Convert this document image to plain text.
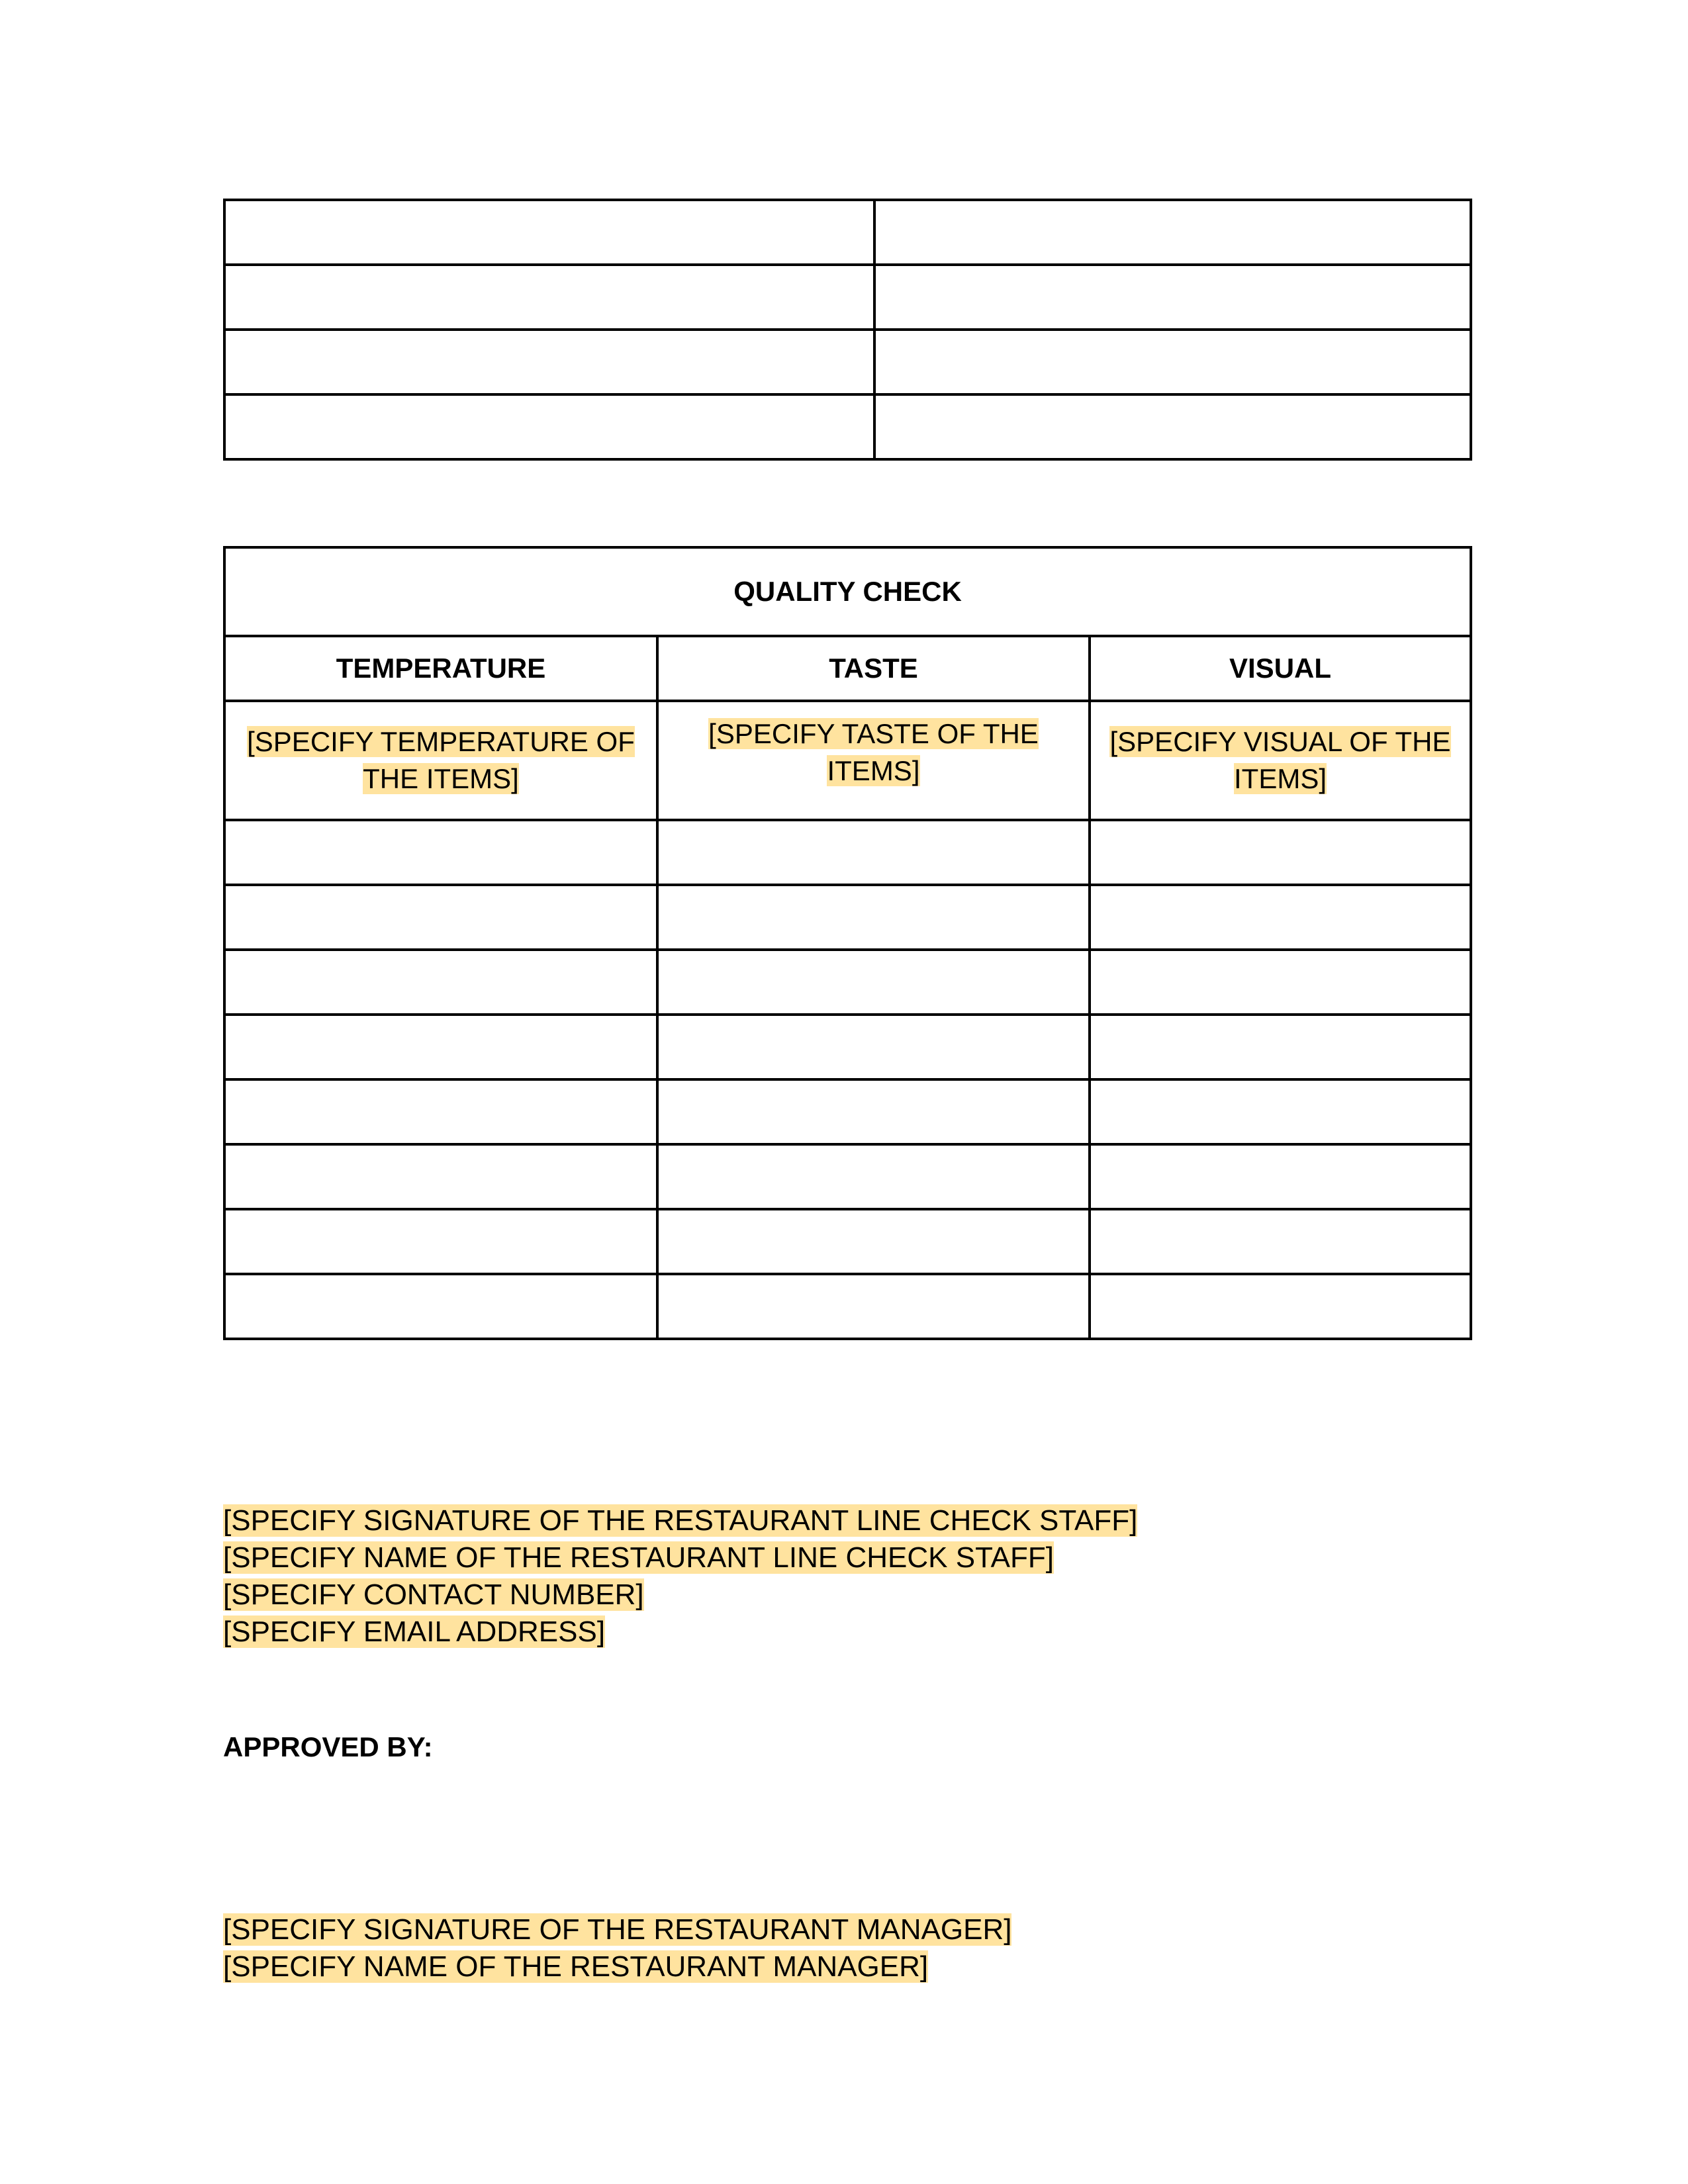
QUALITY CHECK		
TEMPERATURE	TASTE	VISUAL
[SPECIFY TEMPERATURE OF THE ITEMS]	[SPECIFY TASTE OF THE ITEMS]	[SPECIFY VISUAL OF THE ITEMS]

[SPECIFY SIGNATURE OF THE RESTAURANT LINE CHECK STAFF]
[SPECIFY NAME OF THE RESTAURANT LINE CHECK STAFF]
[SPECIFY CONTACT NUMBER]
[SPECIFY EMAIL ADDRESS]
APPROVED BY:
[SPECIFY SIGNATURE OF THE RESTAURANT MANAGER]
[SPECIFY NAME OF THE RESTAURANT MANAGER]
